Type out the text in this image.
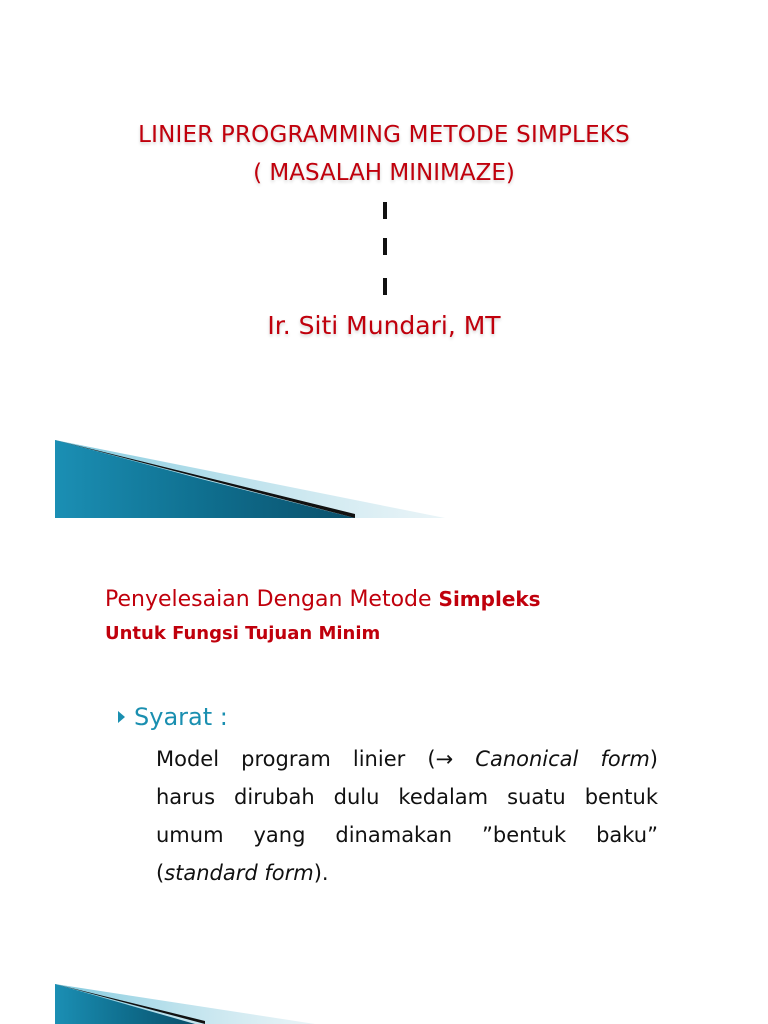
LINIER PROGRAMMING METODE SIMPLEKS
( MASALAH MINIMAZE)
Ir. Siti Mundari, MT
Penyelesaian Dengan Metode Simpleks
Untuk Fungsi Tujuan Minim
Syarat :
Model program linier (→ Canonical form)
harus dirubah dulu kedalam suatu bentuk
umum yang dinamakan ”bentuk baku”
(standard form).
